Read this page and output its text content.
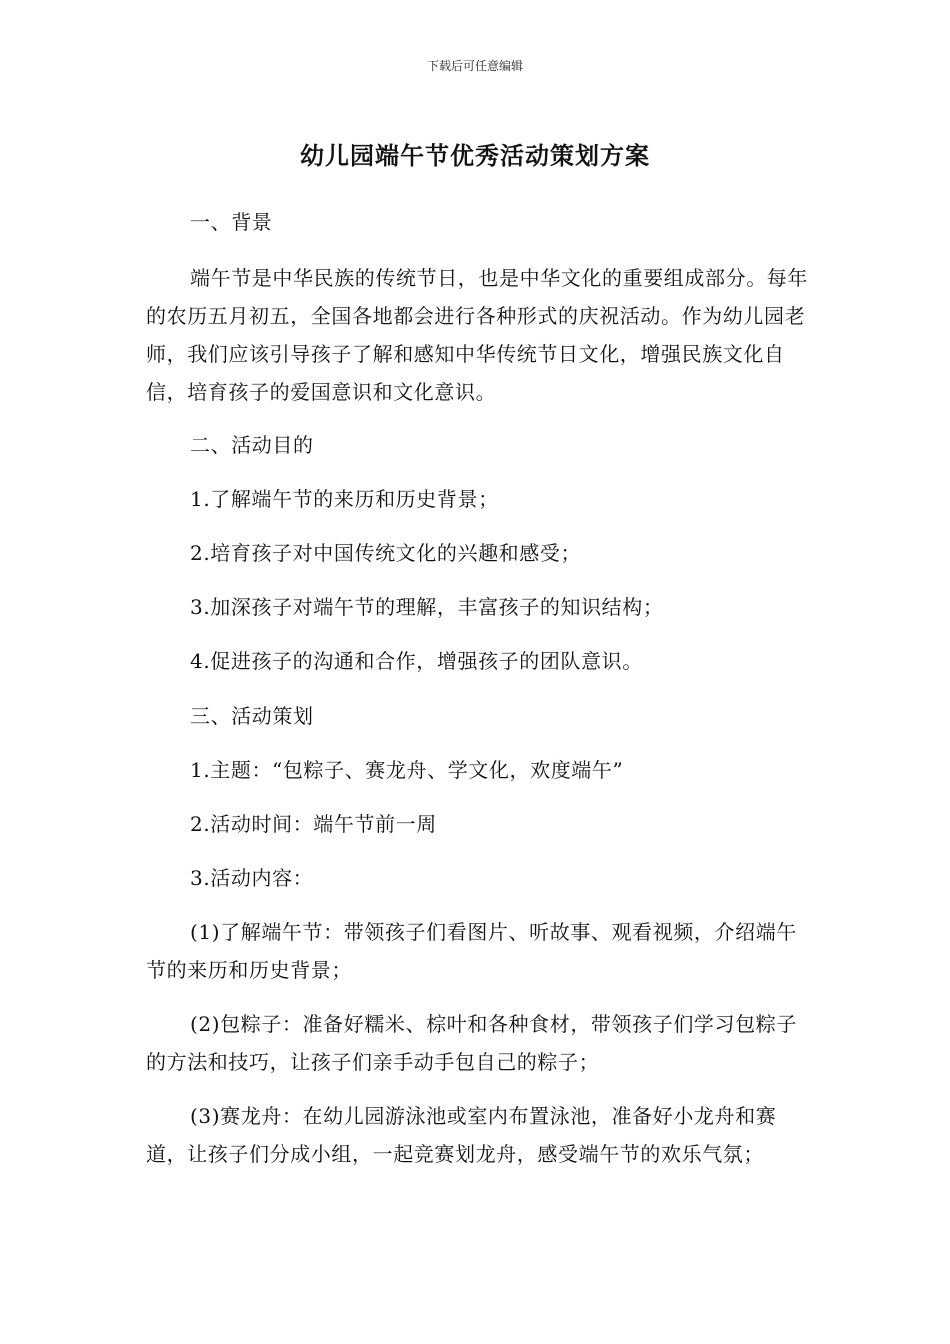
下载后可任意编辑
幼儿园端午节优秀活动策划方案

一、背景

端午节是中华民族的传统节日，也是中华文化的重要组成部分。每年的农历五月初五，全国各地都会进行各种形式的庆祝活动。作为幼儿园老师，我们应该引导孩子了解和感知中华传统节日文化，增强民族文化自信，培育孩子的爱国意识和文化意识。

二、活动目的

1.了解端午节的来历和历史背景；

2.培育孩子对中国传统文化的兴趣和感受；

3.加深孩子对端午节的理解，丰富孩子的知识结构；

4.促进孩子的沟通和合作，增强孩子的团队意识。

三、活动策划

1.主题：“包粽子、赛龙舟、学文化，欢度端午”

2.活动时间：端午节前一周

3.活动内容：

(1)了解端午节：带领孩子们看图片、听故事、观看视频，介绍端午节的来历和历史背景；

(2)包粽子：准备好糯米、棕叶和各种食材，带领孩子们学习包粽子的方法和技巧，让孩子们亲手动手包自己的粽子；

(3)赛龙舟：在幼儿园游泳池或室内布置泳池，准备好小龙舟和赛道，让孩子们分成小组，一起竞赛划龙舟，感受端午节的欢乐气氛；
